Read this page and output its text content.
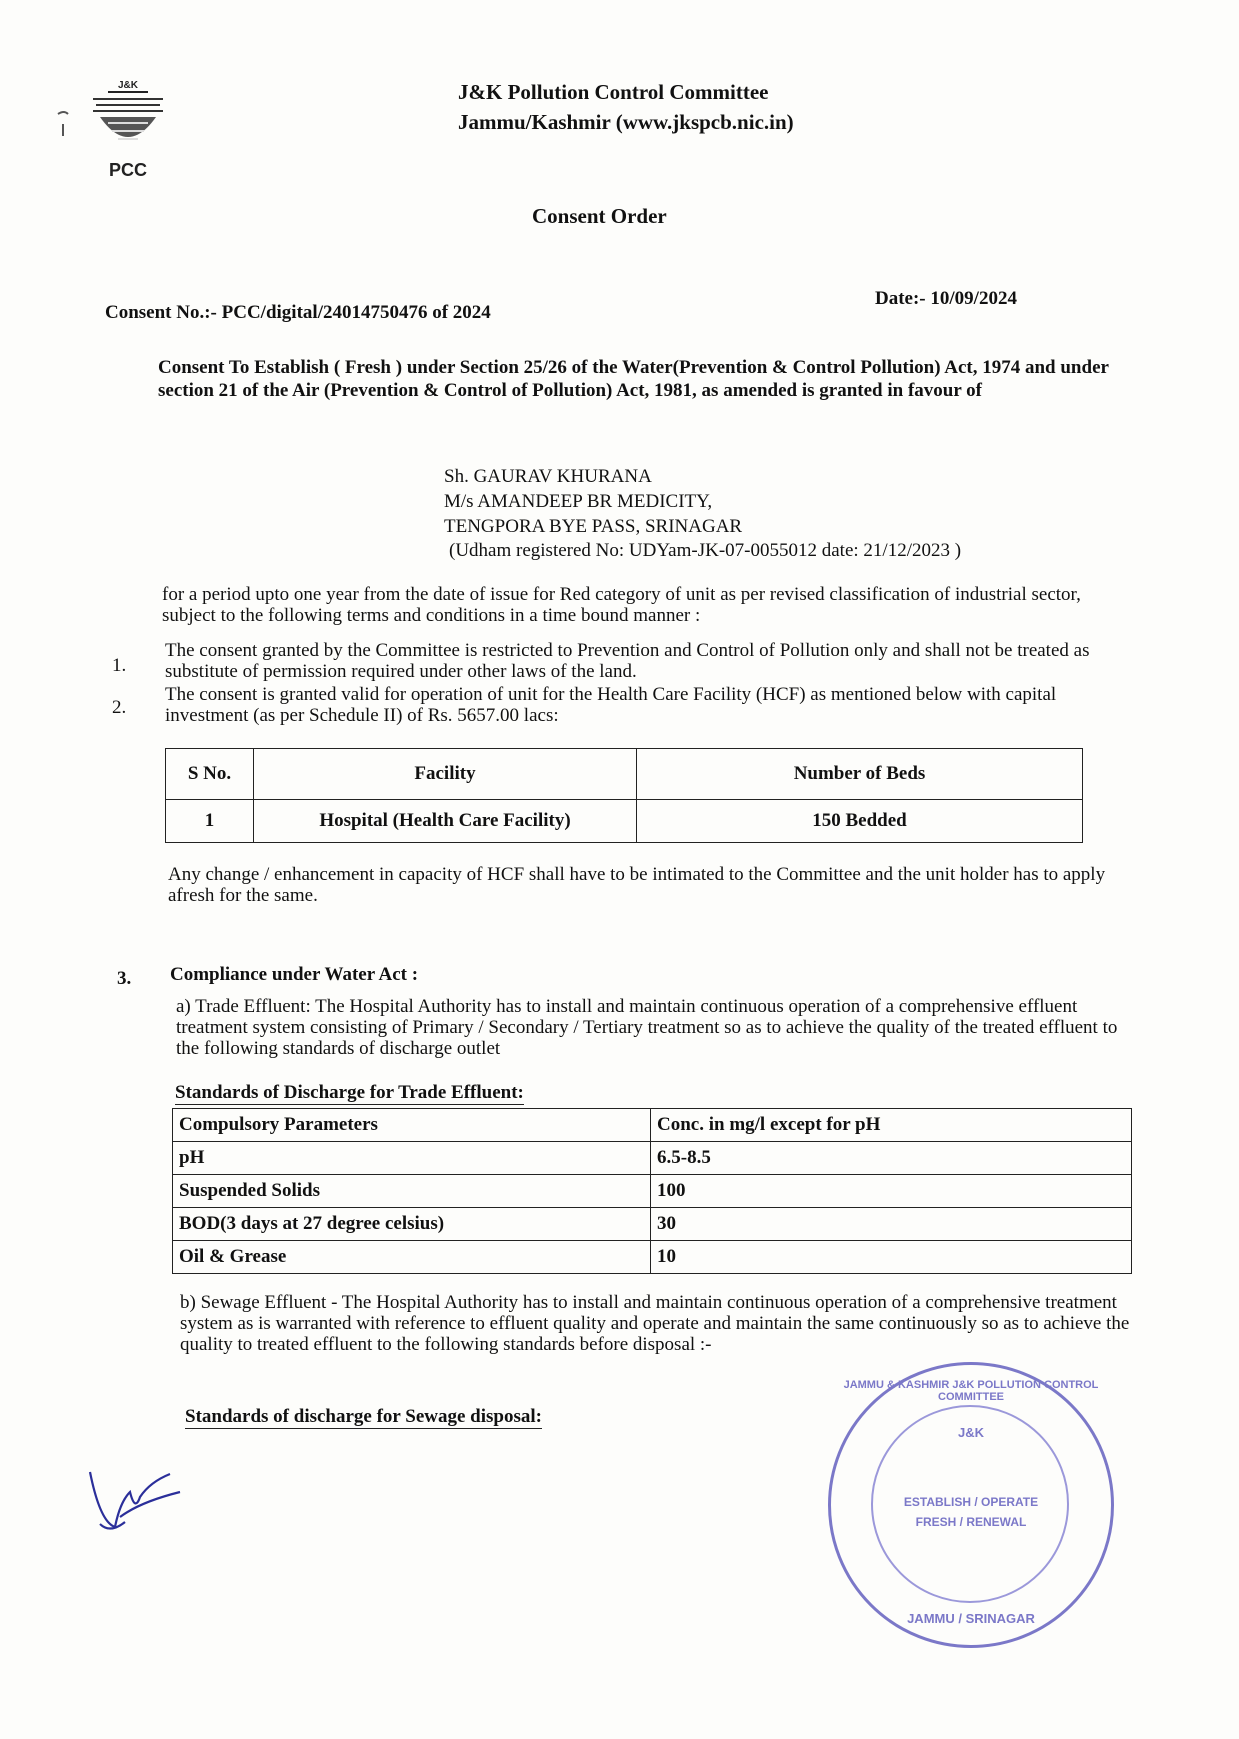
J&K
PCC
J&K Pollution Control Committee
Jammu/Kashmir (www.jkspcb.nic.in)
Consent Order
Consent No.:- PCC/digital/24014750476 of 2024
Date:- 10/09/2024
Consent To Establish ( Fresh ) under Section 25/26 of the Water(Prevention & Control Pollution) Act, 1974 and under section 21 of the Air (Prevention & Control of Pollution) Act, 1981, as amended is granted in favour of
Sh. GAURAV KHURANA
M/s AMANDEEP BR MEDICITY,
TENGPORA BYE PASS, SRINAGAR
(Udham registered No: UDYam-JK-07-0055012 date: 21/12/2023 )
for a period upto one year from the date of issue for Red category of unit as per revised classification of industrial sector, subject to the following terms and conditions in a time bound manner :
1.
The consent granted by the Committee is restricted to Prevention and Control of Pollution only and shall not be treated as substitute of permission required under other laws of the land.
2.
The consent is granted valid for operation of unit for the Health Care Facility (HCF) as mentioned below with capital investment (as per Schedule II) of Rs. 5657.00 lacs:
S No.	Facility	Number of Beds
1	Hospital (Health Care Facility)	150 Bedded
Any change / enhancement in capacity of HCF shall have to be intimated to the Committee and the unit holder has to apply afresh for the same.
3. Compliance under Water Act :
a) Trade Effluent: The Hospital Authority has to install and maintain continuous operation of a comprehensive effluent treatment system consisting of Primary / Secondary / Tertiary treatment so as to achieve the quality of the treated effluent to the following standards of discharge outlet
Standards of Discharge for Trade Effluent:
Compulsory Parameters	Conc. in mg/l except for pH
pH	6.5-8.5
Suspended Solids	100
BOD(3 days at 27 degree celsius)	30
Oil & Grease	10
b) Sewage Effluent - The Hospital Authority has to install and maintain continuous operation of a comprehensive treatment system as is warranted with reference to effluent quality and operate and maintain the same continuously so as to achieve the quality to treated effluent to the following standards before disposal :-
Standards of discharge for Sewage disposal:
JAMMU & KASHMIR J&K POLLUTION CONTROL COMMITTEE
J&K
ESTABLISH / OPERATE
FRESH / RENEWAL
JAMMU / SRINAGAR
